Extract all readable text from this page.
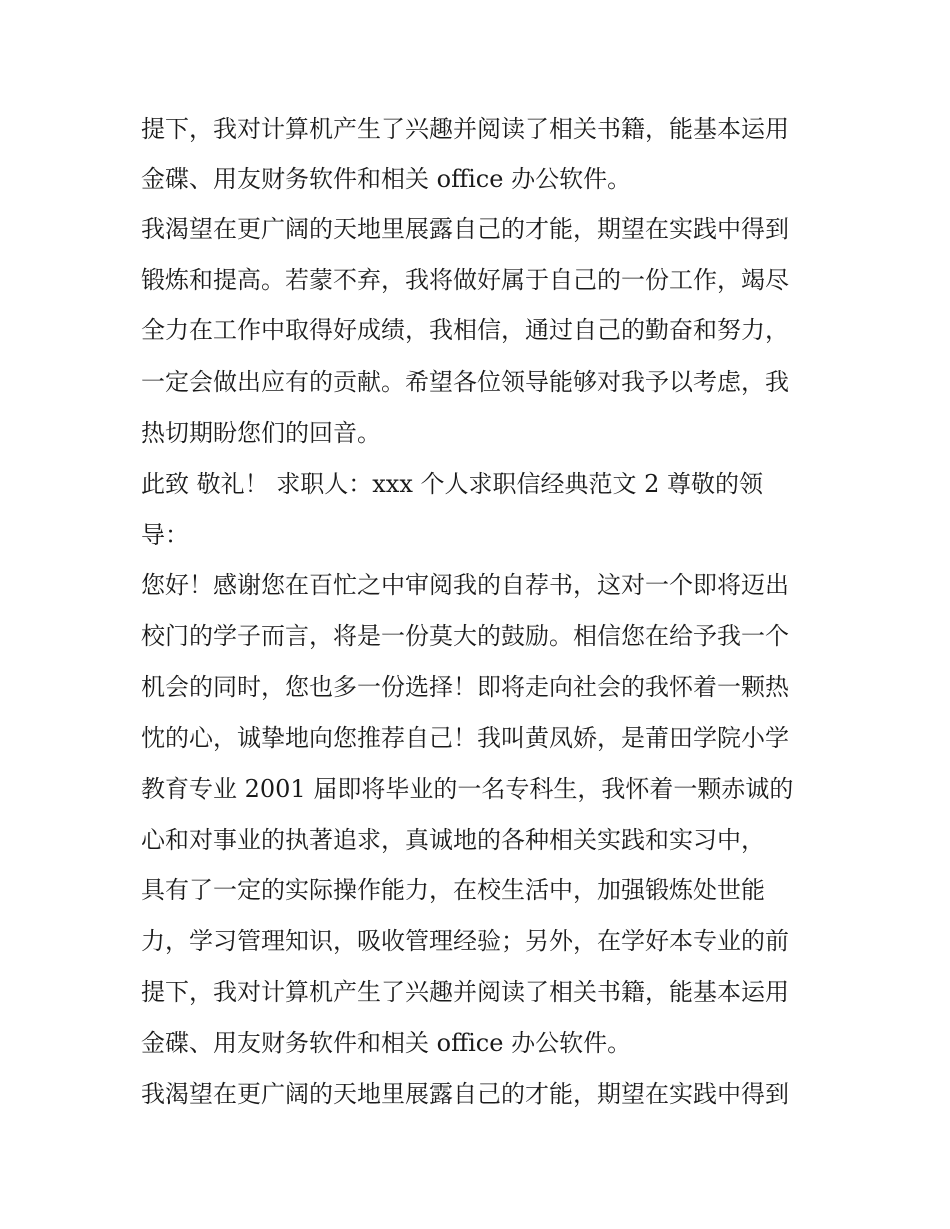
提下，我对计算机产生了兴趣并阅读了相关书籍，能基本运用

金碟、用友财务软件和相关 office 办公软件。

我渴望在更广阔的天地里展露自己的才能，期望在实践中得到

锻炼和提高。若蒙不弃，我将做好属于自己的一份工作，竭尽

全力在工作中取得好成绩，我相信，通过自己的勤奋和努力，

一定会做出应有的贡献。希望各位领导能够对我予以考虑，我

热切期盼您们的回音。

此致 敬礼！ 求职人：xxx 个人求职信经典范文 2 尊敬的领

导：

您好！感谢您在百忙之中审阅我的自荐书，这对一个即将迈出

校门的学子而言，将是一份莫大的鼓励。相信您在给予我一个

机会的同时，您也多一份选择！即将走向社会的我怀着一颗热

忱的心，诚挚地向您推荐自己！我叫黄凤娇，是莆田学院小学

教育专业 2001 届即将毕业的一名专科生，我怀着一颗赤诚的

心和对事业的执著追求，真诚地的各种相关实践和实习中，

具有了一定的实际操作能力，在校生活中，加强锻炼处世能

力，学习管理知识，吸收管理经验；另外，在学好本专业的前

提下，我对计算机产生了兴趣并阅读了相关书籍，能基本运用

金碟、用友财务软件和相关 office 办公软件。

我渴望在更广阔的天地里展露自己的才能，期望在实践中得到
